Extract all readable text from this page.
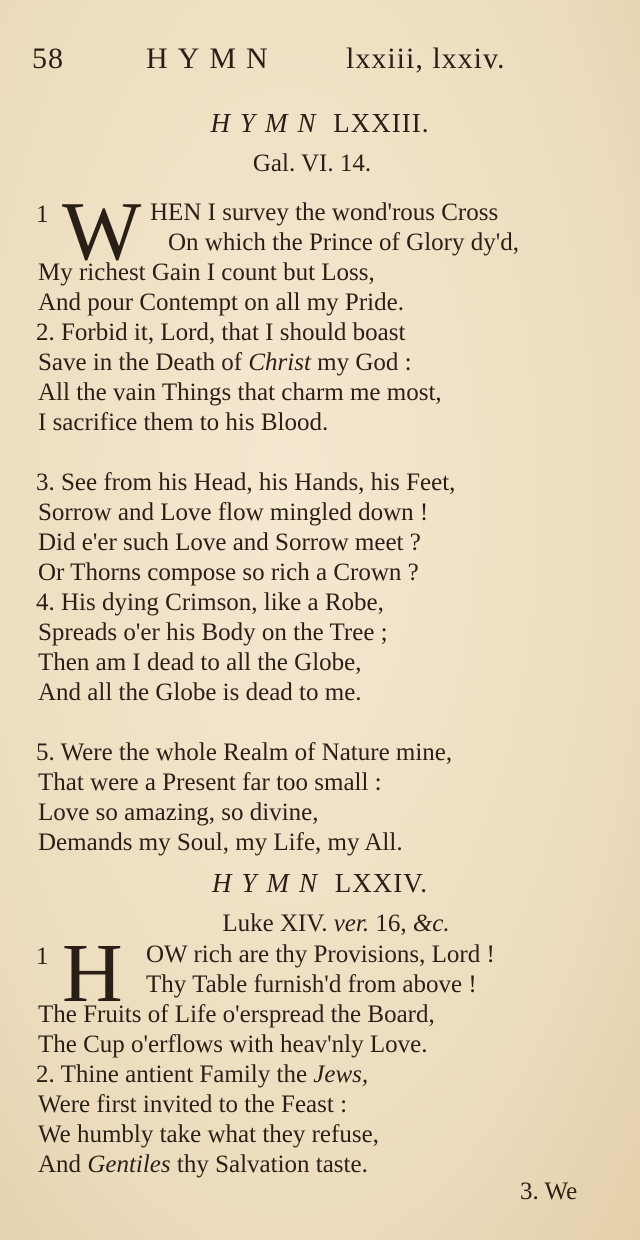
58	HYMN lxxiii, lxxiv.
HYMN LXXIII.
Gal. VI. 14.
1 W HEN I survey the wond'rous Cross
On which the Prince of Glory dy'd,
My richest Gain I count but Loss,
And pour Contempt on all my Pride.
2. Forbid it, Lord, that I should boast
Save in the Death of Christ my God :
All the vain Things that charm me most,
I sacrifice them to his Blood.
3. See from his Head, his Hands, his Feet,
Sorrow and Love flow mingled down !
Did e'er such Love and Sorrow meet ?
Or Thorns compose so rich a Crown ?
4. His dying Crimson, like a Robe,
Spreads o'er his Body on the Tree ;
Then am I dead to all the Globe,
And all the Globe is dead to me.
5. Were the whole Realm of Nature mine,
That were a Present far too small :
Love so amazing, so divine,
Demands my Soul, my Life, my All.
HYMN LXXIV.
Luke XIV. ver. 16, &c.
1 H OW rich are thy Provisions, Lord !
Thy Table furnish'd from above !
The Fruits of Life o'erspread the Board,
The Cup o'erflows with heav'nly Love.
2. Thine antient Family the Jews,
Were first invited to the Feast :
We humbly take what they refuse,
And Gentiles thy Salvation taste.
3. We
